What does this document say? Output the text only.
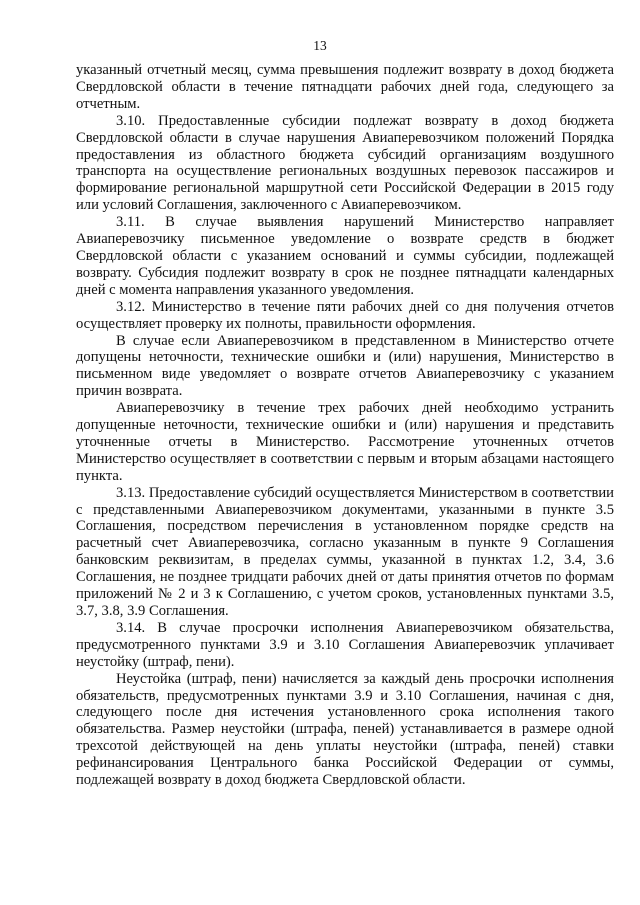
13

указанный отчетный месяц, сумма превышения подлежит возврату в доход бюджета Свердловской области в течение пятнадцати рабочих дней года, следующего за отчетным.

3.10. Предоставленные субсидии подлежат возврату в доход бюджета Свердловской области в случае нарушения Авиаперевозчиком положений Порядка предоставления из областного бюджета субсидий организациям воздушного транспорта на осуществление региональных воздушных перевозок пассажиров и формирование региональной маршрутной сети Российской Федерации в 2015 году или условий Соглашения, заключенного с Авиаперевозчиком.

3.11. В случае выявления нарушений Министерство направляет Авиаперевозчику письменное уведомление о возврате средств в бюджет Свердловской области с указанием оснований и суммы субсидии, подлежащей возврату. Субсидия подлежит возврату в срок не позднее пятнадцати календарных дней с момента направления указанного уведомления.

3.12. Министерство в течение пяти рабочих дней со дня получения отчетов осуществляет проверку их полноты, правильности оформления.

В случае если Авиаперевозчиком в представленном в Министерство отчете допущены неточности, технические ошибки и (или) нарушения, Министерство в письменном виде уведомляет о возврате отчетов Авиаперевозчику с указанием причин возврата.

Авиаперевозчику в течение трех рабочих дней необходимо устранить допущенные неточности, технические ошибки и (или) нарушения и представить уточненные отчеты в Министерство. Рассмотрение уточненных отчетов Министерство осуществляет в соответствии с первым и вторым абзацами настоящего пункта.

3.13. Предоставление субсидий осуществляется Министерством в соответствии с представленными Авиаперевозчиком документами, указанными в пункте 3.5 Соглашения, посредством перечисления в установленном порядке средств на расчетный счет Авиаперевозчика, согласно указанным в пункте 9 Соглашения банковским реквизитам, в пределах суммы, указанной в пунктах 1.2, 3.4, 3.6 Соглашения, не позднее тридцати рабочих дней от даты принятия отчетов по формам приложений № 2 и 3 к Соглашению, с учетом сроков, установленных пунктами 3.5, 3.7, 3.8, 3.9 Соглашения.

3.14. В случае просрочки исполнения Авиаперевозчиком обязательства, предусмотренного пунктами 3.9 и 3.10 Соглашения Авиаперевозчик уплачивает неустойку (штраф, пени).

Неустойка (штраф, пени) начисляется за каждый день просрочки исполнения обязательств, предусмотренных пунктами 3.9 и 3.10 Соглашения, начиная с дня, следующего после дня истечения установленного срока исполнения такого обязательства. Размер неустойки (штрафа, пеней) устанавливается в размере одной трехсотой действующей на день уплаты неустойки (штрафа, пеней) ставки рефинансирования Центрального банка Российской Федерации от суммы, подлежащей возврату в доход бюджета Свердловской области.
